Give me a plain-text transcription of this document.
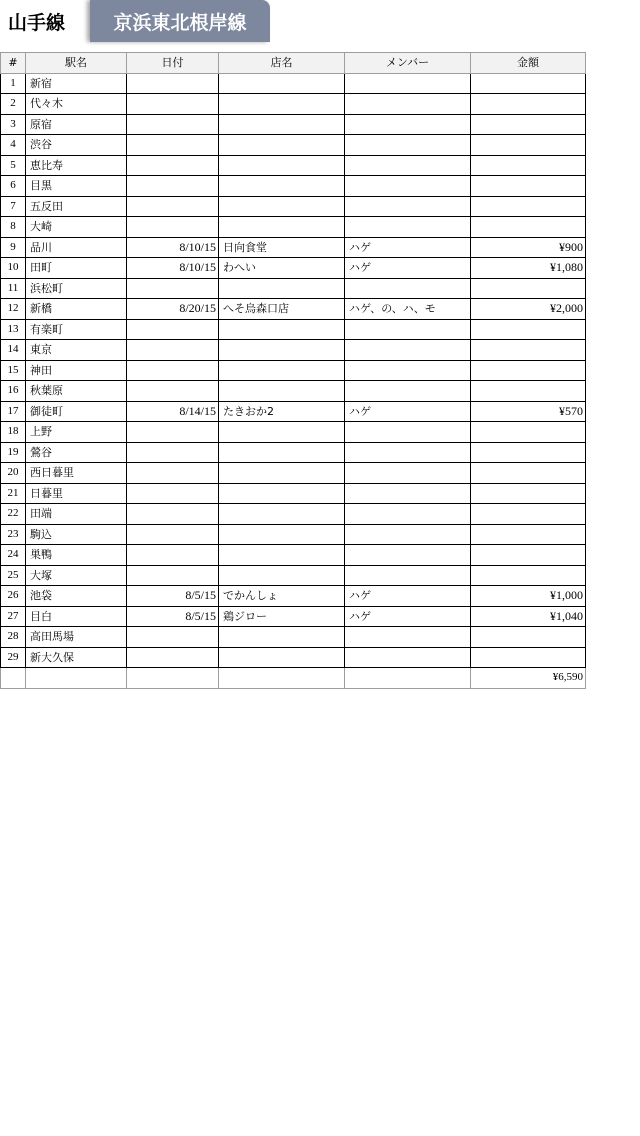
山手線	京浜東北根岸線
#	駅名	日付	店名	メンバー	金額
1	新宿				
2	代々木				
3	原宿				
4	渋谷				
5	恵比寿				
6	目黒				
7	五反田				
8	大崎				
9	品川	8/10/15	日向食堂	ハゲ	¥900
10	田町	8/10/15	わへい	ハゲ	¥1,080
11	浜松町				
12	新橋	8/20/15	へそ烏森口店	ハゲ、の、ハ、モ	¥2,000
13	有楽町				
14	東京				
15	神田				
16	秋葉原				
17	御徒町	8/14/15	たきおか2	ハゲ	¥570
18	上野				
19	鶯谷				
20	西日暮里				
21	日暮里				
22	田端				
23	駒込				
24	巣鴨				
25	大塚				
26	池袋	8/5/15	でかんしょ	ハゲ	¥1,000
27	目白	8/5/15	鶏ジロー	ハゲ	¥1,040
28	高田馬場				
29	新大久保				
					¥6,590
